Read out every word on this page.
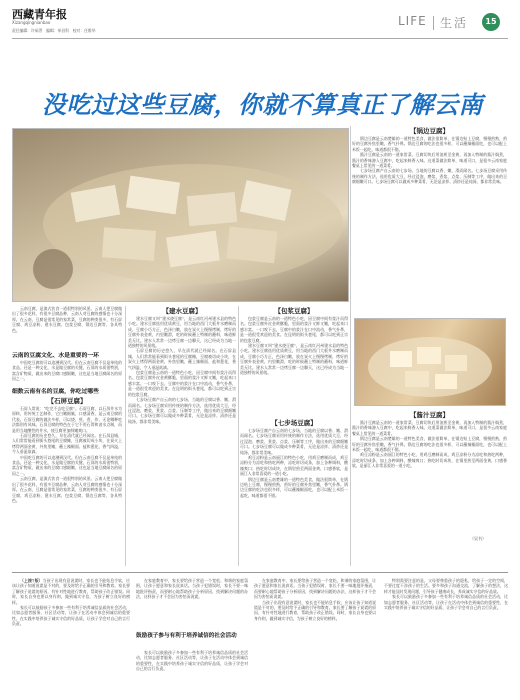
西藏青年报
Xizangqingnianbao
责任编辑：许茹菁　编辑：单昌科　校对：任维华
LIFE 生活	15
没吃过这些豆腐，你就不算真正了解云南
【锅边豆腐】

锅边豆腐是云南楚雄的一道特色美食，做法很简单，在锅边贴上豆腐，慢慢煎熟，煎好的豆腐外焦里嫩，香气扑鼻。锅边豆腐的吃法也很多样，可以蘸辣椒面吃，也可以配上米饭一起吃，味道都很不错。

酱汁豆腐是云南的一道家常菜，豆腐切块后用油煎至金黄，再加入特制的酱汁焖煮，酱汁的香味渗入豆腐中，吃起来鲜香入味。这道菜做法简单，味道可口，是很多云南家庭餐桌上常见的一道菜肴。

七步场豆腐产自云南的七步场，当地的豆腐以香、嫩、滑而闻名。七步场豆腐采用传统的制作方法，选用优质大豆，经过浸泡、磨浆、煮浆、点浆、压制等工序，做出来的豆腐细嫩可口。七步场豆腐可以做成多种菜肴，无论是凉拌、清炒还是炖汤，都非常美味。

【酱汁豆腐】

酱汁豆腐是云南的一道家常菜，豆腐切块后用油煎至金黄，再加入特制的酱汁焖煮，酱汁的香味渗入豆腐中，吃起来鲜香入味。这道菜做法简单，味道可口，是很多云南家庭餐桌上常见的一道菜肴。

锅边豆腐是云南楚雄的一道特色美食，做法很简单，在锅边贴上豆腐，慢慢煎熟，煎好的豆腐外焦里嫩，香气扑鼻。锅边豆腐的吃法也很多样，可以蘸辣椒面吃，也可以配上米饭一起吃，味道都很不错。

鸡豆凉粉是云南丽江的特色小吃，用鸡豆磨制而成，鸡豆凉粉分为凉吃和热吃两种，凉吃时切成条，加上各种调料，酸辣爽口；热吃时切成块，在锅里煎至两面金黄，口感香软，是丽江人非常喜爱的一道小吃。

（吴书）

云南豆腐，是滇式饮食一道很特别的风景。云南人把豆腐做出了很多花样，有很多豆腐品种，云南人对豆腐的感情也十分深厚。在云南，豆腐是很常见的家常菜，豆腐的种类很多，有石屏豆腐、鸡豆凉粉、建水豆腐、包浆豆腐、锅边豆腐等，各具特色。

云南的豆腐文化、水是重要的一环

中国吃豆腐的可以追溯到汉代。但在云南豆腐不仅是单纯的食品，还是一种文化，水是做豆腐的关键，石屏的水质很特别，富含矿物质，做出来的豆腐口感细嫩，这也是当地豆腐闻名的原因之一。

细数云南有名的豆腐，你吃过哪些
【石屏豆腐】

石屏人常说：“吃完不去吃豆腐”。石屏豆腐，以石屏井水为原料，用传统工艺制作，它白嫩细腻，口感清香，是云南豆腐的代表。石屏豆腐的做法多样，可以烧、煎、煮、炸，无论哪种吃法都别有风味。石屏豆腐的特色在于它不用石膏和卤水点制，而是用当地酸性的井水，使豆腐更加鲜嫩爽口。

石屏豆腐的历史悠久，早在清代就已经闻名。在石屏县城，人们常常能看到街头巷尾的豆腐摊，豆腐被切成小块，在炭火上烤得两面金黄，外焦里嫩，蘸上辣椒面、盐和葱花，香气四溢，令人垂涎欲滴。

中国吃豆腐的可以追溯到汉代。但在云南豆腐不仅是单纯的食品，还是一种文化，水是做豆腐的关键，石屏的水质很特别，富含矿物质，做出来的豆腐口感细嫩，这也是当地豆腐闻名的原因之一。

云南豆腐，是滇式饮食一道很特别的风景。云南人把豆腐做出了很多花样，有很多豆腐品种，云南人对豆腐的感情也十分深厚。在云南，豆腐是很常见的家常菜，豆腐的种类很多，有石屏豆腐、鸡豆凉粉、建水豆腐、包浆豆腐、锅边豆腐等，各具特色。

【建水豆腐】

建水豆腐又叫“建水烧豆腐”，是云南红河州建水县的特色小吃。建水豆腐选用优质黄豆，用当地的西门大板井水磨制而成，豆腐小巧方正，色泽白嫩，放在炭火上慢慢烤制，烤好的豆腐外表金黄，内里嫩滑，吃的时候蘸上特制的蘸料，味道鲜美无比。建水人常常一边烤豆腐一边聊天，这已经成为当地一道独特的风景线。

石屏豆腐的历史悠久，早在清代就已经闻名。在石屏县城，人们常常能看到街头巷尾的豆腐摊，豆腐被切成小块，在炭火上烤得两面金黄，外焦里嫩，蘸上辣椒面、盐和葱花，香气四溢，令人垂涎欲滴。

包浆豆腐是云南的一道特色小吃，因豆腐中间有浆汁而得名。包浆豆腐外皮金黄酥脆，里面的浆汁又鲜又嫩，吃起来口感丰富。一口咬下去，豆腐中的浆汁在口中流动，香气扑鼻，是一道很受欢迎的美食。在昆明的街头巷尾，都可以吃到正宗的包浆豆腐。

七步场豆腐产自云南的七步场，当地的豆腐以香、嫩、滑而闻名。七步场豆腐采用传统的制作方法，选用优质大豆，经过浸泡、磨浆、煮浆、点浆、压制等工序，做出来的豆腐细嫩可口。七步场豆腐可以做成多种菜肴，无论是凉拌、清炒还是炖汤，都非常美味。

【包浆豆腐】

包浆豆腐是云南的一道特色小吃，因豆腐中间有浆汁而得名。包浆豆腐外皮金黄酥脆，里面的浆汁又鲜又嫩，吃起来口感丰富。一口咬下去，豆腐中的浆汁在口中流动，香气扑鼻，是一道很受欢迎的美食。在昆明的街头巷尾，都可以吃到正宗的包浆豆腐。

建水豆腐又叫“建水烧豆腐”，是云南红河州建水县的特色小吃。建水豆腐选用优质黄豆，用当地的西门大板井水磨制而成，豆腐小巧方正，色泽白嫩，放在炭火上慢慢烤制，烤好的豆腐外表金黄，内里嫩滑，吃的时候蘸上特制的蘸料，味道鲜美无比。建水人常常一边烤豆腐一边聊天，这已经成为当地一道独特的风景线。

【七步场豆腐】

七步场豆腐产自云南的七步场，当地的豆腐以香、嫩、滑而闻名。七步场豆腐采用传统的制作方法，选用优质大豆，经过浸泡、磨浆、煮浆、点浆、压制等工序，做出来的豆腐细嫩可口。七步场豆腐可以做成多种菜肴，无论是凉拌、清炒还是炖汤，都非常美味。

鸡豆凉粉是云南丽江的特色小吃，用鸡豆磨制而成，鸡豆凉粉分为凉吃和热吃两种，凉吃时切成条，加上各种调料，酸辣爽口；热吃时切成块，在锅里煎至两面金黄，口感香软，是丽江人非常喜爱的一道小吃。

锅边豆腐是云南楚雄的一道特色美食，做法很简单，在锅边贴上豆腐，慢慢煎熟，煎好的豆腐外焦里嫩，香气扑鼻。锅边豆腐的吃法也很多样，可以蘸辣椒面吃，也可以配上米饭一起吃，味道都很不错。

（上接7版）当孩子出现有意说谎时，家长也不能姑息手软，应该让孩子知道说谎是不对的，要及时给予正确的引导和教育。家长要了解孩子说谎的原因，有针对性地进行教育，帮助孩子改正错误。同时，家长自身也要以身作则，做到诚实守信，为孩子树立良好的榜样。

家长可以鼓励孩子多参加一些有利于培养诚信品质的社会活动，比如志愿者服务、社区活动等，让孩子在活动中体会到诚信的重要性，在实践中培养孩子诚实守信的好品质，让孩子学会对自己的言行负责。

鼓励孩子参与有利于培养诚信的社会活动

在家庭教育中，家长要给孩子营造一个宽松、和谐的家庭氛围，让孩子愿意和家长说真话。当孩子犯错误时，家长不要一味地批评指责，而要耐心地帮助孩子分析原因，找到解决问题的办法，这样孩子才不会因为害怕而说谎。

家长可以鼓励孩子多参加一些有利于培养诚信品质的社会活动，比如志愿者服务、社区活动等，让孩子在活动中体会到诚信的重要性，在实践中培养孩子诚实守信的好品质，让孩子学会对自己的言行负责。

在家庭教育中，家长要给孩子营造一个宽松、和谐的家庭氛围，让孩子愿意和家长说真话。当孩子犯错误时，家长不要一味地批评指责，而要耐心地帮助孩子分析原因，找到解决问题的办法，这样孩子才不会因为害怕而说谎。

当孩子出现有意说谎时，家长也不能姑息手软，应该让孩子知道说谎是不对的，要及时给予正确的引导和教育。家长要了解孩子说谎的原因，有针对性地进行教育，帮助孩子改正错误。同时，家长自身也要以身作则，做到诚实守信，为孩子树立良好的榜样。

特别需要注意的是，父母要尊重孩子的隐私，给孩子一定的空间，不要过度干涉孩子的生活。要多和孩子沟通交流，了解孩子的想法，这样才能及时发现问题，引导孩子健康成长，养成诚实守信的好品质。

家长可以鼓励孩子多参加一些有利于培养诚信品质的社会活动，比如志愿者服务、社区活动等，让孩子在活动中体会到诚信的重要性，在实践中培养孩子诚实守信的好品质，让孩子学会对自己的言行负责。
